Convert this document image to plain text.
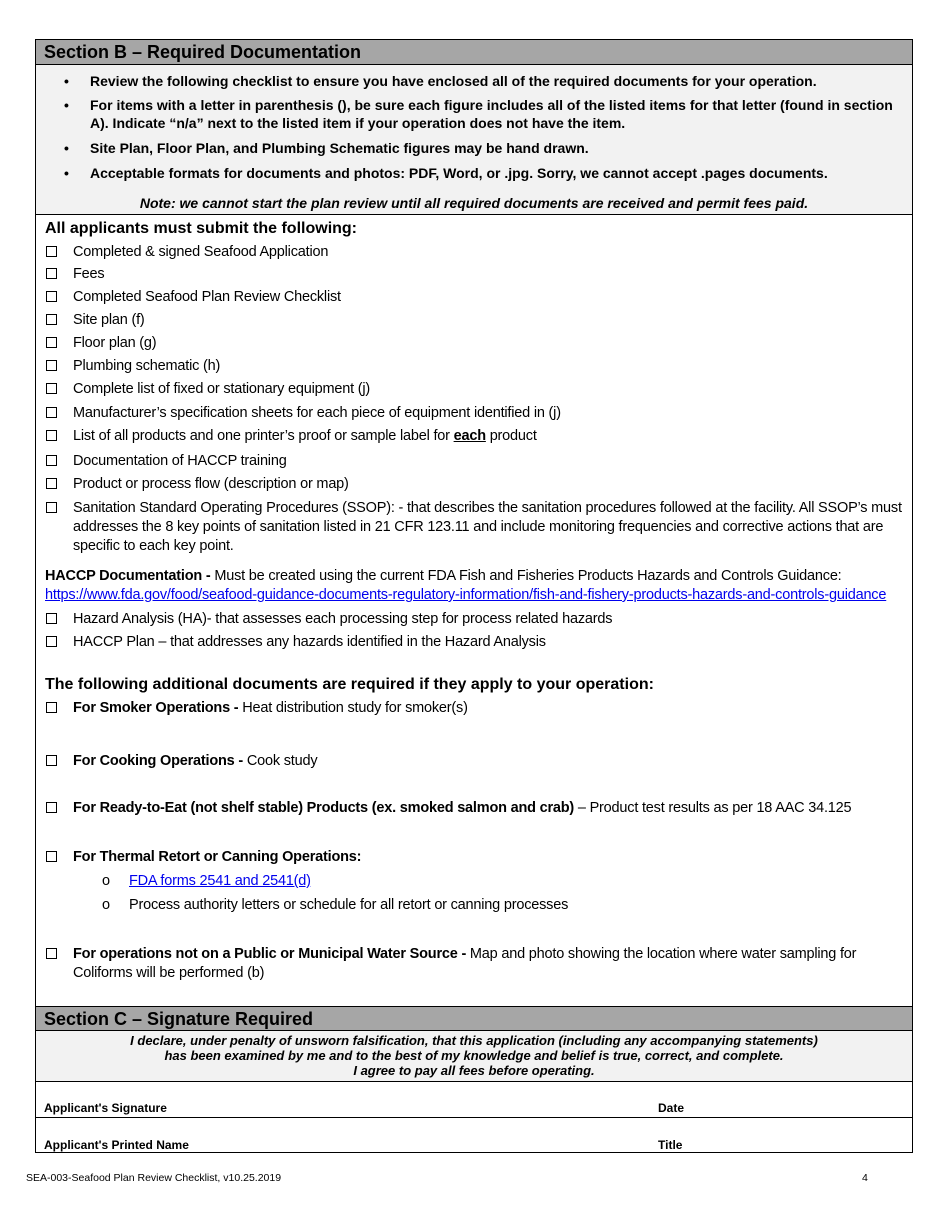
Section B – Required Documentation
• Review the following checklist to ensure you have enclosed all of the required documents for your operation.
• For items with a letter in parenthesis (), be sure each figure includes all of the listed items for that letter (found in section A). Indicate “n/a” next to the listed item if your operation does not have the item.
• Site Plan, Floor Plan, and Plumbing Schematic figures may be hand drawn.
• Acceptable formats for documents and photos: PDF, Word, or .jpg. Sorry, we cannot accept .pages documents.
Note: we cannot start the plan review until all required documents are received and permit fees paid.
All applicants must submit the following:
Completed & signed Seafood Application
Fees
Completed Seafood Plan Review Checklist
Site plan (f)
Floor plan (g)
Plumbing schematic (h)
Complete list of fixed or stationary equipment (j)
Manufacturer’s specification sheets for each piece of equipment identified in (j)
List of all products and one printer’s proof or sample label for each product
Documentation of HACCP training
Product or process flow (description or map)
Sanitation Standard Operating Procedures (SSOP): - that describes the sanitation procedures followed at the facility. All SSOP’s must addresses the 8 key points of sanitation listed in 21 CFR 123.11 and include monitoring frequencies and corrective actions that are specific to each key point.
HACCP Documentation - Must be created using the current FDA Fish and Fisheries Products Hazards and Controls Guidance:
https://www.fda.gov/food/seafood-guidance-documents-regulatory-information/fish-and-fishery-products-hazards-and-controls-guidance
Hazard Analysis (HA)- that assesses each processing step for process related hazards
HACCP Plan – that addresses any hazards identified in the Hazard Analysis
The following additional documents are required if they apply to your operation:
For Smoker Operations - Heat distribution study for smoker(s)
For Cooking Operations - Cook study
For Ready-to-Eat (not shelf stable) Products (ex. smoked salmon and crab) – Product test results as per 18 AAC 34.125
For Thermal Retort or Canning Operations:
o FDA forms 2541 and 2541(d)
o Process authority letters or schedule for all retort or canning processes
For operations not on a Public or Municipal Water Source - Map and photo showing the location where water sampling for Coliforms will be performed (b)
Section C – Signature Required
I declare, under penalty of unsworn falsification, that this application (including any accompanying statements)
has been examined by me and to the best of my knowledge and belief is true, correct, and complete.
I agree to pay all fees before operating.
Applicant's Signature	Date
Applicant's Printed Name	Title
SEA-003-Seafood Plan Review Checklist, v10.25.2019	4
